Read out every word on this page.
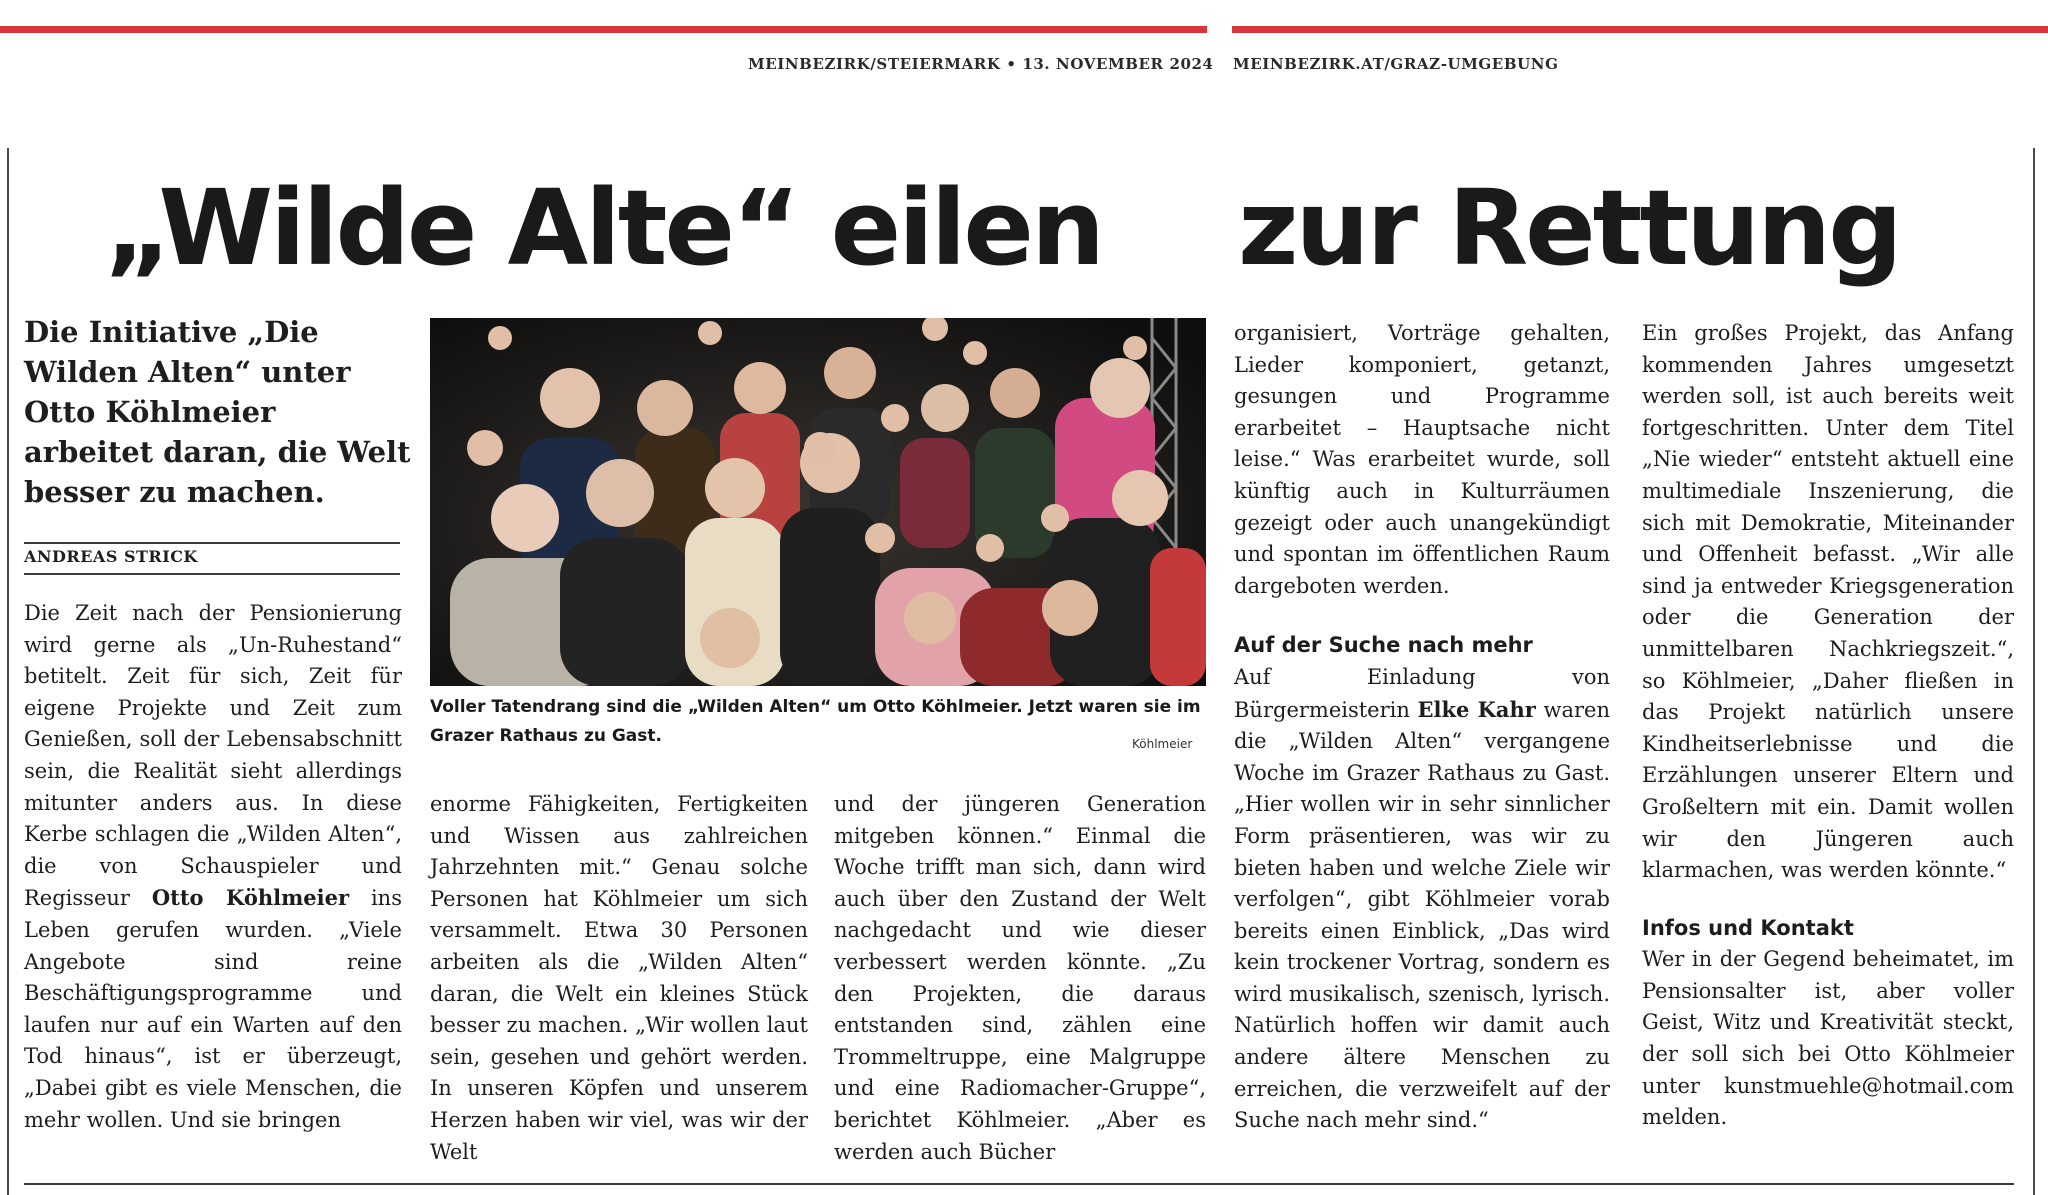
MEINBEZIRK/STEIERMARK • 13. NOVEMBER 2024 MEINBEZIRK.AT/GRAZ-UMGEBUNG
„Wilde Alte“ eilen zur Rettung

Die Initiative „Die Wilden Alten“ unter Otto Köhlmeier arbeitet daran, die Welt besser zu machen.

ANDREAS STRICK

Voller Tatendrang sind die „Wilden Alten“ um Otto Köhlmeier. Jetzt waren sie im Grazer Rathaus zu Gast.	Köhlmeier

Die Zeit nach der Pensionierung wird gerne als „Un-Ruhestand“ betitelt. Zeit für sich, Zeit für eigene Projekte und Zeit zum Genießen, soll der Lebensabschnitt sein, die Realität sieht allerdings mitunter anders aus. In diese Kerbe schlagen die „Wilden Alten“, die von Schauspieler und Regisseur Otto Köhlmeier ins Leben gerufen wurden. „Viele Angebote sind reine Beschäftigungsprogramme und laufen nur auf ein Warten auf den Tod hinaus“, ist er überzeugt, „Dabei gibt es viele Menschen, die mehr wollen. Und sie bringen

enorme Fähigkeiten, Fertigkeiten und Wissen aus zahlreichen Jahrzehnten mit.“ Genau solche Personen hat Köhlmeier um sich versammelt. Etwa 30 Personen arbeiten als die „Wilden Alten“ daran, die Welt ein kleines Stück besser zu machen. „Wir wollen laut sein, gesehen und gehört werden. In unseren Köpfen und unserem Herzen haben wir viel, was wir der Welt

und der jüngeren Generation mitgeben können.“ Einmal die Woche trifft man sich, dann wird auch über den Zustand der Welt nachgedacht und wie dieser verbessert werden könnte. „Zu den Projekten, die daraus entstanden sind, zählen eine Trommeltruppe, eine Malgruppe und eine Radiomacher-Gruppe“, berichtet Köhlmeier. „Aber es werden auch Bücher

organisiert, Vorträge gehalten, Lieder komponiert, getanzt, gesungen und Programme erarbeitet – Hauptsache nicht leise.“ Was erarbeitet wurde, soll künftig auch in Kulturräumen gezeigt oder auch unangekündigt und spontan im öffentlichen Raum dargeboten werden.

Auf der Suche nach mehr

Auf Einladung von Bürgermeisterin Elke Kahr waren die „Wilden Alten“ vergangene Woche im Grazer Rathaus zu Gast. „Hier wollen wir in sehr sinnlicher Form präsentieren, was wir zu bieten haben und welche Ziele wir verfolgen“, gibt Köhlmeier vorab bereits einen Einblick, „Das wird kein trockener Vortrag, sondern es wird musikalisch, szenisch, lyrisch. Natürlich hoffen wir damit auch andere ältere Menschen zu erreichen, die verzweifelt auf der Suche nach mehr sind.“

Ein großes Projekt, das Anfang kommenden Jahres umgesetzt werden soll, ist auch bereits weit fortgeschritten. Unter dem Titel „Nie wieder“ entsteht aktuell eine multimediale Inszenierung, die sich mit Demokratie, Miteinander und Offenheit befasst. „Wir alle sind ja entweder Kriegsgeneration oder die Generation der unmittelbaren Nachkriegszeit.“, so Köhlmeier, „Daher fließen in das Projekt natürlich unsere Kindheitserlebnisse und die Erzählungen unserer Eltern und Großeltern mit ein. Damit wollen wir den Jüngeren auch klarmachen, was werden könnte.“

Infos und Kontakt

Wer in der Gegend beheimatet, im Pensionsalter ist, aber voller Geist, Witz und Kreativität steckt, der soll sich bei Otto Köhlmeier unter kunstmuehle@hotmail.com melden.
